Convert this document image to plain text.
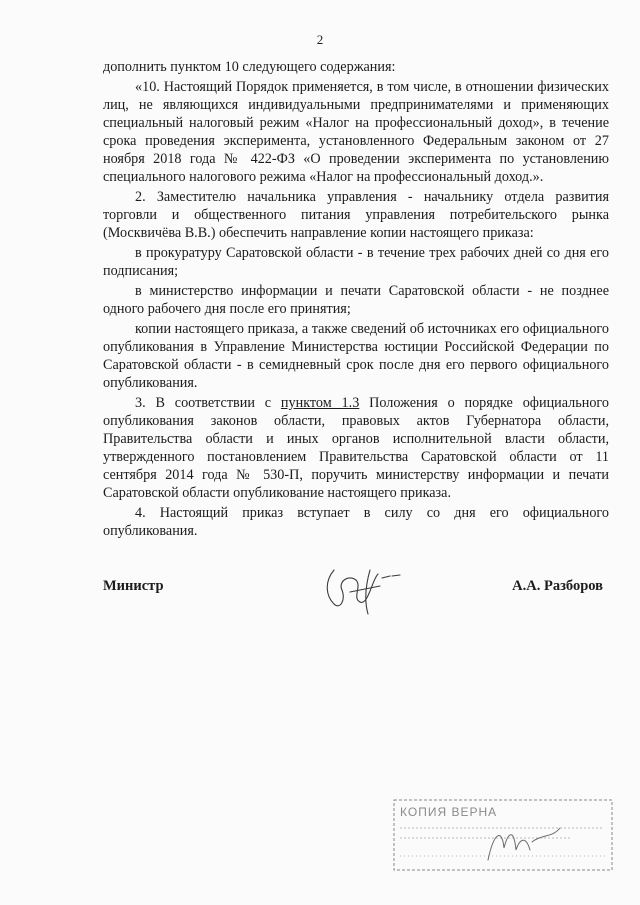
2

дополнить пунктом 10 следующего содержания:

«10. Настоящий Порядок применяется, в том числе, в отношении физических лиц, не являющихся индивидуальными предпринимателями и применяющих специальный налоговый режим «Налог на профессиональный доход», в течение срока проведения эксперимента, установленного Федеральным законом от 27 ноября 2018 года № 422-ФЗ «О проведении эксперимента по установлению специального налогового режима «Налог на профессиональный доход.».

2. Заместителю начальника управления - начальнику отдела развития торговли и общественного питания управления потребительского рынка (Москвичёва В.В.) обеспечить направление копии настоящего приказа:

в прокуратуру Саратовской области - в течение трех рабочих дней со дня его подписания;

в министерство информации и печати Саратовской области - не позднее одного рабочего дня после его принятия;

копии настоящего приказа, а также сведений об источниках его официального опубликования в Управление Министерства юстиции Российской Федерации по Саратовской области - в семидневный срок после дня его первого официального опубликования.

3. В соответствии с пунктом 1.3 Положения о порядке официального опубликования законов области, правовых актов Губернатора области, Правительства области и иных органов исполнительной власти области, утвержденного постановлением Правительства Саратовской области от 11 сентября 2014 года № 530-П, поручить министерству информации и печати Саратовской области опубликование настоящего приказа.

4. Настоящий приказ вступает в силу со дня его официального опубликования.

Министр	А.А. Разборов
КОПИЯ ВЕРНА
